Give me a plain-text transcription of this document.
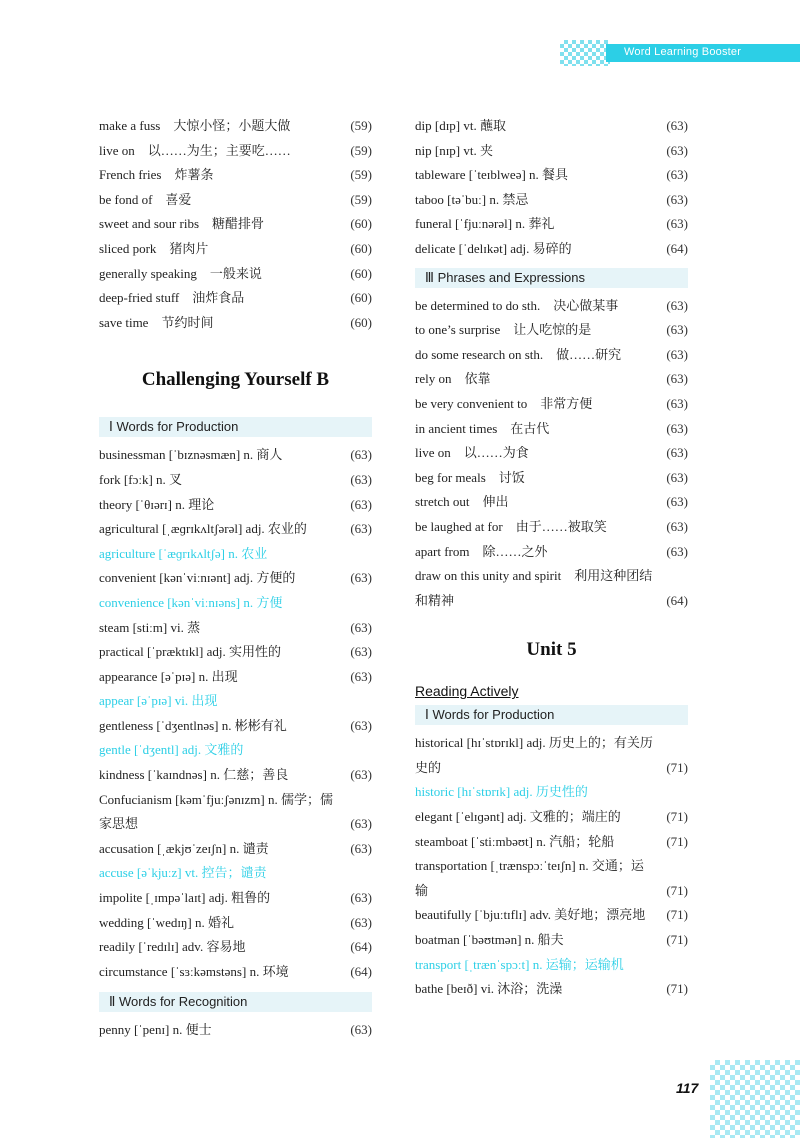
Word Learning Booster
make a fuss　大惊小怪；小题大做	(59)
live on　以……为生；主要吃……	(59)
French fries　炸薯条	(59)
be fond of　喜爱	(59)
sweet and sour ribs　糖醋排骨	(60)
sliced pork　猪肉片	(60)
generally speaking　一般来说	(60)
deep-fried stuff　油炸食品	(60)
save time　节约时间	(60)
Challenging Yourself B
Ⅰ Words for Production
businessman [ˈbɪznəsmæn] n. 商人	(63)
fork [fɔːk] n. 叉	(63)
theory [ˈθɪərɪ] n. 理论	(63)
agricultural [ˌæɡrɪkʌltʃərəl] adj. 农业的	(63)
agriculture [ˈæɡrɪkʌltʃə] n. 农业
convenient [kənˈviːnɪənt] adj. 方便的	(63)
convenience [kənˈviːnɪəns] n. 方便
steam [stiːm] vi. 蒸	(63)
practical [ˈpræktɪkl] adj. 实用性的	(63)
appearance [əˈpɪə] n. 出现	(63)
appear [əˈpɪə] vi. 出现
gentleness [ˈdʒentlnəs] n. 彬彬有礼	(63)
gentle [ˈdʒentl] adj. 文雅的
kindness [ˈkaɪndnəs] n. 仁慈；善良	(63)
Confucianism [kəmˈfjuːʃənɪzm] n. 儒学；儒家思想	(63)
accusation [ˌækjʊˈzeɪʃn] n. 谴责	(63)
accuse [əˈkjuːz] vt. 控告；谴责
impolite [ˌɪmpəˈlaɪt] adj. 粗鲁的	(63)
wedding [ˈwedɪŋ] n. 婚礼	(63)
readily [ˈredɪlɪ] adv. 容易地	(64)
circumstance [ˈsɜːkəmstəns] n. 环境	(64)
Ⅱ Words for Recognition
penny [ˈpenɪ] n. 便士	(63)
dip [dɪp] vt. 蘸取	(63)
nip [nɪp] vt. 夹	(63)
tableware [ˈteɪblweə] n. 餐具	(63)
taboo [təˈbuː] n. 禁忌	(63)
funeral [ˈfjuːnərəl] n. 葬礼	(63)
delicate [ˈdelɪkət] adj. 易碎的	(64)
Ⅲ Phrases and Expressions
be determined to do sth.　决心做某事	(63)
to one’s surprise　让人吃惊的是	(63)
do some research on sth.　做……研究	(63)
rely on　依靠	(63)
be very convenient to　非常方便	(63)
in ancient times　在古代	(63)
live on　以……为食	(63)
beg for meals　讨饭	(63)
stretch out　伸出	(63)
be laughed at for　由于……被取笑	(63)
apart from　除……之外	(63)
draw on this unity and spirit　利用这种团结和精神	(64)
Unit 5
Reading Actively
Ⅰ Words for Production
historical [hɪˈstɒrɪkl] adj. 历史上的；有关历史的	(71)
historic [hɪˈstɒrɪk] adj. 历史性的
elegant [ˈelɪɡənt] adj. 文雅的；端庄的	(71)
steamboat [ˈstiːmbəʊt] n. 汽船；轮船	(71)
transportation [ˌtrænspɔːˈteɪʃn] n. 交通；运输	(71)
beautifully [ˈbjuːtɪflɪ] adv. 美好地；漂亮地 (71)
boatman [ˈbəʊtmən] n. 船夫	(71)
transport [ˌtrænˈspɔːt] n. 运输；运输机
bathe [beɪð] vi. 沐浴；洗澡	(71)
117
